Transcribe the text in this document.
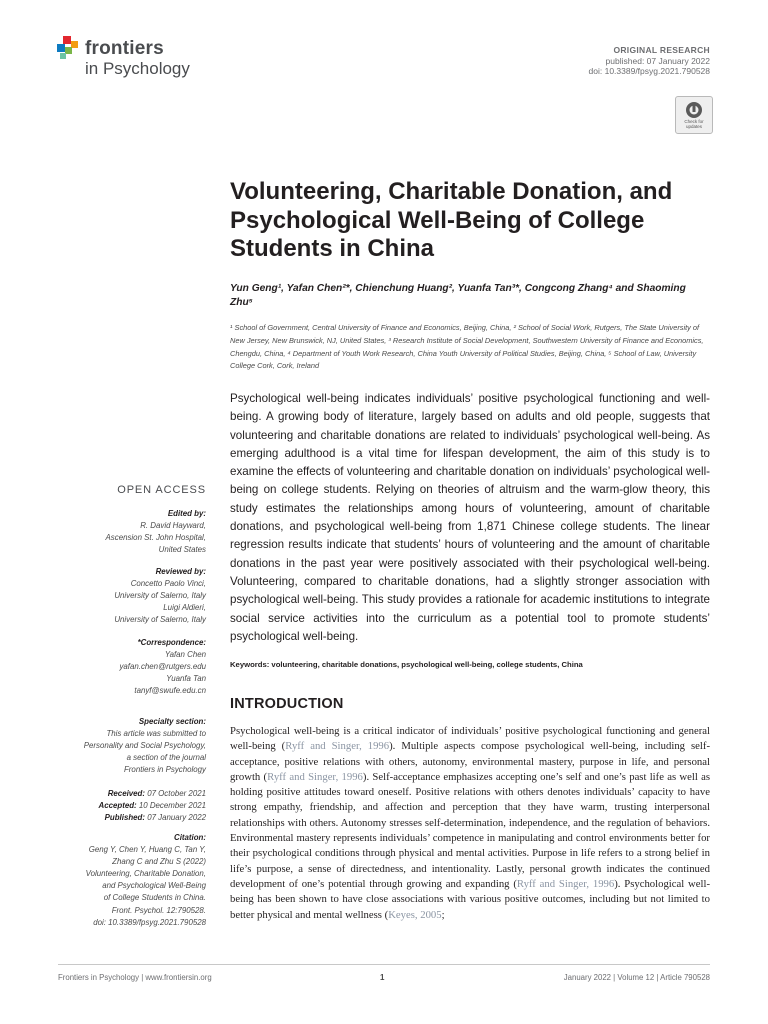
frontiers
in Psychology
ORIGINAL RESEARCH
published: 07 January 2022
doi: 10.3389/fpsyg.2021.790528
Check for updates
Volunteering, Charitable Donation, and Psychological Well-Being of College Students in China
Yun Geng¹, Yafan Chen²*, Chienchung Huang², Yuanfa Tan³*, Congcong Zhang⁴ and Shaoming Zhu⁵
¹ School of Government, Central University of Finance and Economics, Beijing, China, ² School of Social Work, Rutgers, The State University of New Jersey, New Brunswick, NJ, United States, ³ Research Institute of Social Development, Southwestern University of Finance and Economics, Chengdu, China, ⁴ Department of Youth Work Research, China Youth University of Political Studies, Beijing, China, ⁵ School of Law, University College Cork, Cork, Ireland
Psychological well-being indicates individuals’ positive psychological functioning and well-being. A growing body of literature, largely based on adults and old people, suggests that volunteering and charitable donations are related to individuals’ psychological well-being. As emerging adulthood is a vital time for lifespan development, the aim of this study is to examine the effects of volunteering and charitable donation on individuals’ psychological well-being on college students. Relying on theories of altruism and the warm-glow theory, this study estimates the relationships among hours of volunteering, amount of charitable donations, and psychological well-being from 1,871 Chinese college students. The linear regression results indicate that students’ hours of volunteering and the amount of charitable donations in the past year were positively associated with their psychological well-being. Volunteering, compared to charitable donations, had a slightly stronger association with psychological well-being. This study provides a rationale for academic institutions to integrate social service activities into the curriculum as a potential tool to promote students’ psychological well-being.
Keywords: volunteering, charitable donations, psychological well-being, college students, China
INTRODUCTION
Psychological well-being is a critical indicator of individuals’ positive psychological functioning and general well-being (Ryff and Singer, 1996). Multiple aspects compose psychological well-being, including self-acceptance, positive relations with others, autonomy, environmental mastery, purpose in life, and personal growth (Ryff and Singer, 1996). Self-acceptance emphasizes accepting one’s self and one’s past life as well as holding positive attitudes toward oneself. Positive relations with others denotes individuals’ capacity to have strong empathy, friendship, and affection and perception that they have warm, trusting interpersonal relationships with others. Autonomy stresses self-determination, independence, and the regulation of behaviors. Environmental mastery represents individuals’ competence in manipulating and control environments better for their psychological conditions through physical and mental activities. Purpose in life refers to a strong belief in life’s purpose, a sense of directedness, and intentionality. Lastly, personal growth indicates the continued development of one’s potential through growing and expanding (Ryff and Singer, 1996). Psychological well-being has been shown to have close associations with various positive outcomes, including but not limited to better physical and mental wellness (Keyes, 2005;
OPEN ACCESS
Edited by:
R. David Hayward,
Ascension St. John Hospital,
United States
Reviewed by:
Concetto Paolo Vinci,
University of Salerno, Italy
Luigi Aldieri,
University of Salerno, Italy
*Correspondence:
Yafan Chen
yafan.chen@rutgers.edu
Yuanfa Tan
tanyf@swufe.edu.cn
Specialty section:
This article was submitted to
Personality and Social Psychology,
a section of the journal
Frontiers in Psychology
Received: 07 October 2021
Accepted: 10 December 2021
Published: 07 January 2022
Citation:
Geng Y, Chen Y, Huang C, Tan Y,
Zhang C and Zhu S (2022)
Volunteering, Charitable Donation,
and Psychological Well-Being
of College Students in China.
Front. Psychol. 12:790528.
doi: 10.3389/fpsyg.2021.790528
Frontiers in Psychology | www.frontiersin.org	1	January 2022 | Volume 12 | Article 790528
